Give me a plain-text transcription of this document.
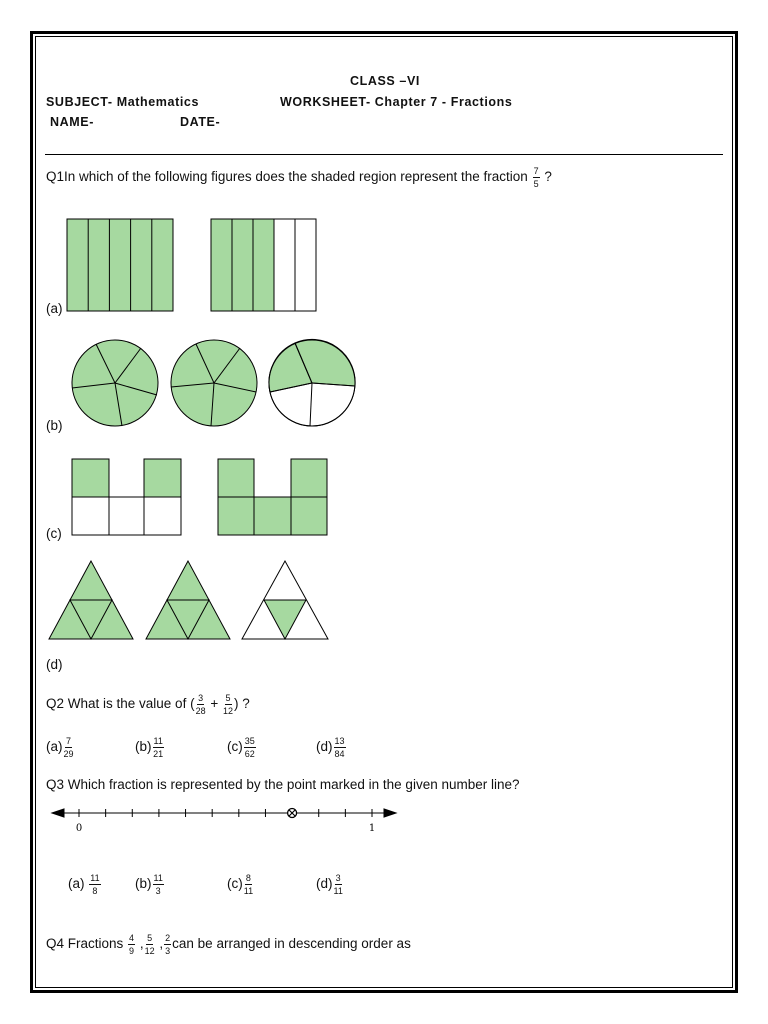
CLASS –VI
SUBJECT- Mathematics	WORKSHEET- Chapter 7 - Fractions
NAME-	DATE-
Q1In which of the following figures does the shaded region represent the fraction $\frac{7}{5}$ ?
(a)
(b)
(c)
(d)
Q2 What is the value of ( $\frac{3}{28} + \frac{5}{12}$ ) ?
$(a) \frac{7}{29}$	$(b) \frac{11}{21}$	$(c) \frac{35}{62}$	$(d) \frac{13}{84}$
Q3 Which fraction is represented by the point marked in the given number line?
0	1
$(a) \frac{11}{8}$	$(b) \frac{11}{3}$	$(c) \frac{8}{11}$	$(d) \frac{3}{11}$
Q4 Fractions $\frac{4}{9}$ , $\frac{5}{12}$ , $\frac{2}{3}$ can be arranged in descending order as
